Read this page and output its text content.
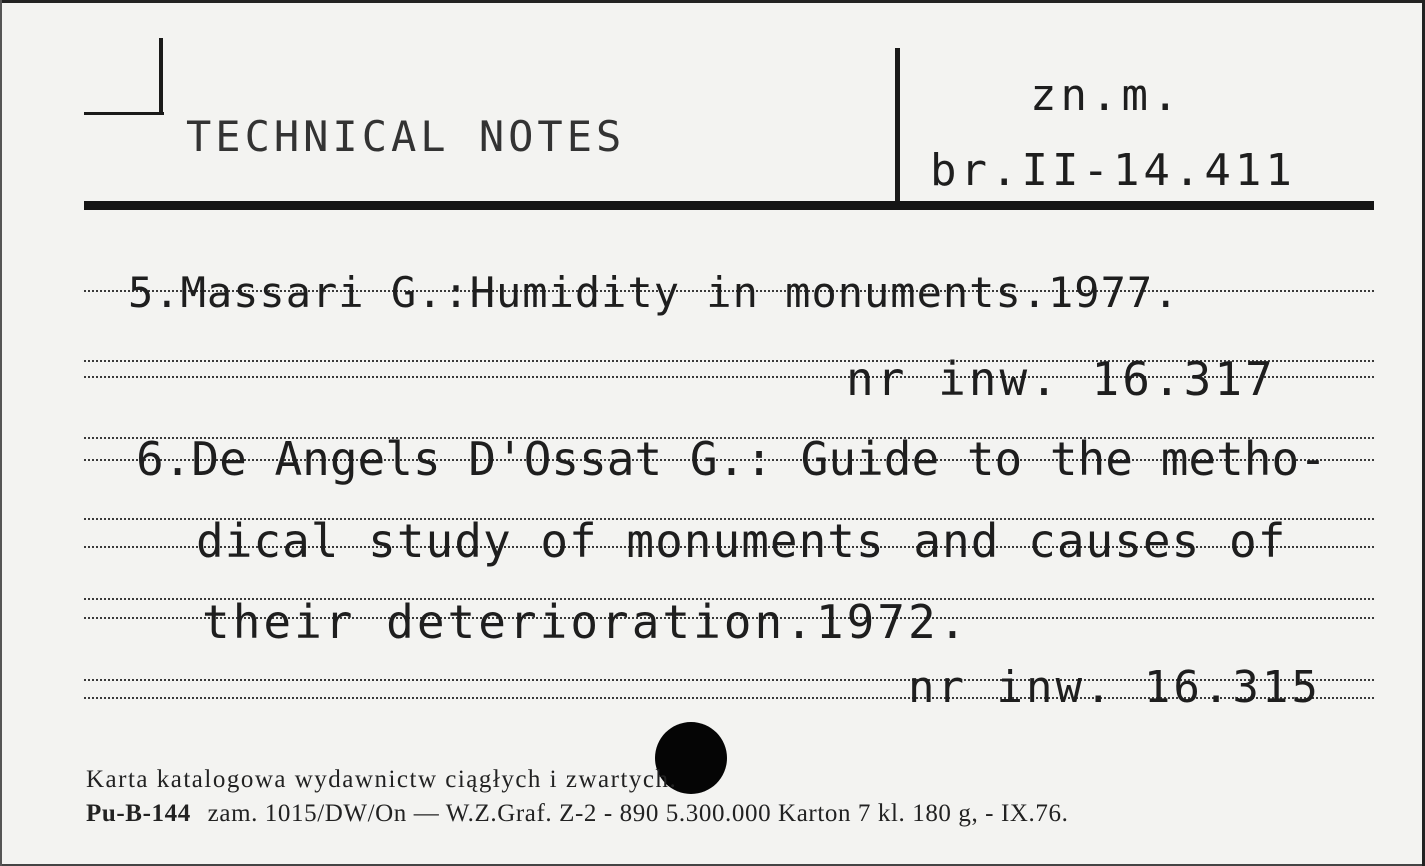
TECHNICAL NOTES
zn.m.
br.II-14.411
5.Massari G.:Humidity in monuments.1977.
nr inw. 16.317
6.De Angels D'Ossat G.: Guide to the metho-
dical study of monuments and causes of
their deterioration.1972.
nr inw. 16.315
Karta katalogowa wydawnictw ciągłych i zwartych.
Pu-B-144 zam. 1015/DW/On — W.Z.Graf. Z-2 - 890 5.300.000 Karton 7 kl. 180 g, - IX.76.
